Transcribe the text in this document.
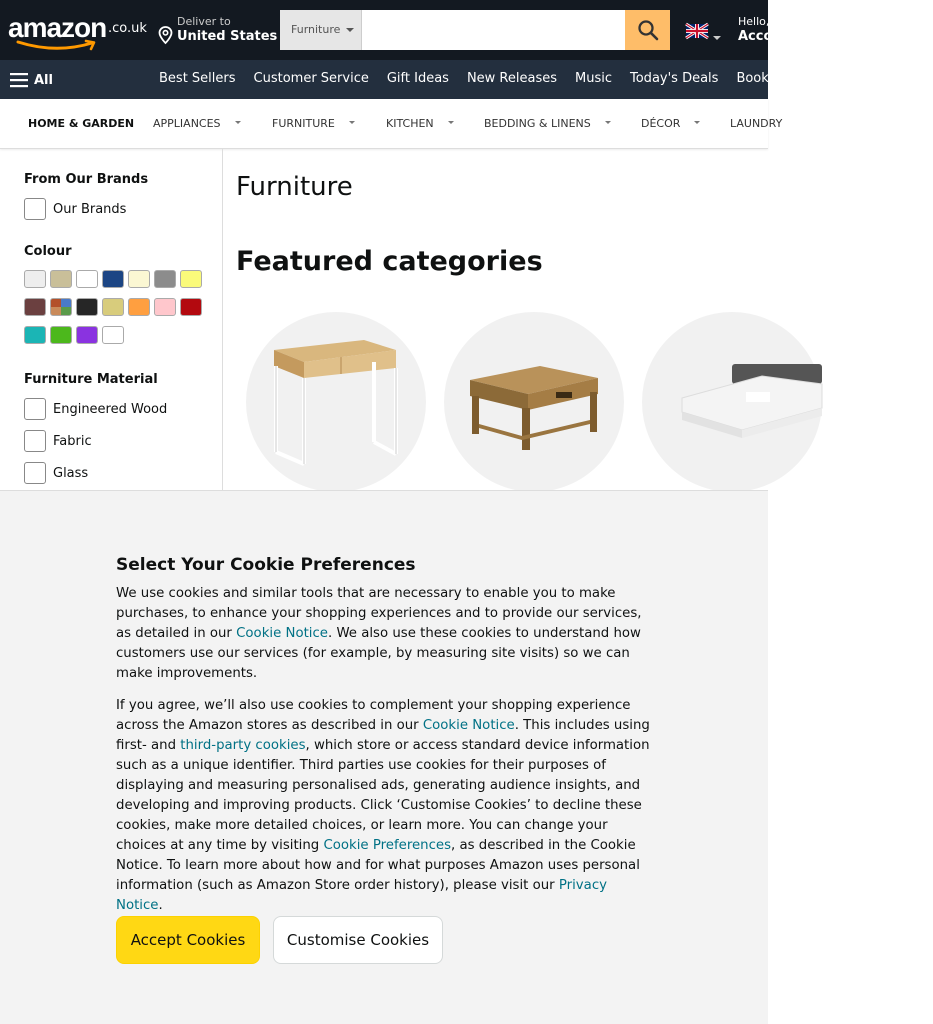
amazon .co.uk	Deliver to
United States	Furniture
Hello,
Account
All	Best Sellers Customer Service Gift Ideas New Releases Music Today's Deals Books PC & Video Games
HOME & GARDEN APPLIANCES	FURNITURE	KITCHEN	BEDDING & LINENS	DÉCOR	LAUNDRY
From Our Brands
Our Brands
Colour
Furniture Material
Engineered Wood
Fabric
Glass
Furniture
Featured categories
Select Your Cookie Preferences

We use cookies and similar tools that are necessary to enable you to make purchases, to enhance your shopping experiences and to provide our services, as detailed in our Cookie Notice. We also use these cookies to understand how customers use our services (for example, by measuring site visits) so we can make improvements.

If you agree, we’ll also use cookies to complement your shopping experience across the Amazon stores as described in our Cookie Notice. This includes using first- and third-party cookies, which store or access standard device information such as a unique identifier. Third parties use cookies for their purposes of displaying and measuring personalised ads, generating audience insights, and developing and improving products. Click ‘Customise Cookies’ to decline these cookies, make more detailed choices, or learn more. You can change your choices at any time by visiting Cookie Preferences, as described in the Cookie Notice. To learn more about how and for what purposes Amazon uses personal information (such as Amazon Store order history), please visit our Privacy Notice.

Accept Cookies	Customise Cookies
